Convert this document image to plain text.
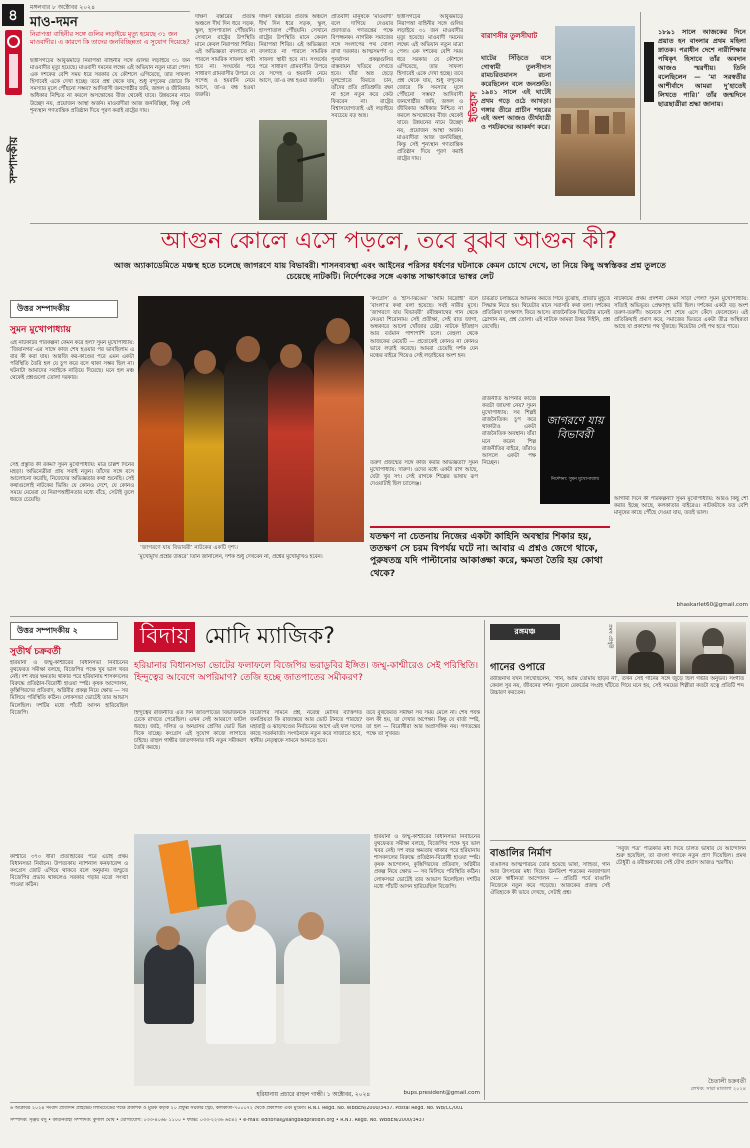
৪
সম্পাদকীয়
মঙ্গলবার ৮ অক্টোবর ২০২৪
মাও-দমন
নিরাপত্তা বাহিনীর সঙ্গে গুলির লড়াইয়ে মৃত্যু হয়েছে ৩১ জন মাওবাদীর। এ কারণে কি তাদের জনবিচ্ছিন্নতা এ সুযোগ দিয়েছে?
ছত্তীসগঢ়ের আবুঝমাড়ে নিরাপত্তা বাহিনীর সঙ্গে গুলির লড়াইয়ে ৩১ জন মাওবাদীর মৃত্যু হয়েছে। মাওবাদী দমনের লক্ষ্যে এই অভিযান নতুন মাত্রা পেল। এক দশকের বেশি সময় ধরে সরকার যে কৌশলে এগিয়েছে, তার সাফল্য হিসাবেই একে দেখা হচ্ছে। তবে প্রশ্ন থেকে যায়, শুধু বন্দুকের জোরে কি সমস্যার মূলে পৌঁছনো সম্ভব? আদিবাসী জনগোষ্ঠীর জমি, জঙ্গল ও জীবিকার অধিকার নিশ্চিত না করলে অসন্তোষের বীজ থেকেই যাবে। উন্নয়নের নামে উচ্ছেদ নয়, প্রয়োজন আস্থা অর্জন। মাওবাদীরা আজ জনবিচ্ছিন্ন, কিন্তু সেই শূন্যস্থান গণতান্ত্রিক প্রতিষ্ঠান দিয়ে পূরণ করাই রাষ্ট্রের দায়।
দক্ষিণ বস্তারের প্রত্যন্ত অঞ্চলে দীর্ঘ দিন ধরে সড়ক, স্কুল, হাসপাতাল পৌঁছয়নি। সেখানে রাষ্ট্রের উপস্থিতি মানে কেবল নিরাপত্তা শিবির। এই অভিজ্ঞতা বদলাতে না পারলে সামরিক সাফল্য স্থায়ী হবে না। সংঘর্ষের পরে সাধারণ গ্রামবাসীর উপরে যে সন্দেহ ও হয়রানি নেমে আসে, তা-ও বন্ধ হওয়া জরুরি।
দক্ষিণ বস্তারের প্রত্যন্ত অঞ্চলে দীর্ঘ দিন ধরে সড়ক, স্কুল, হাসপাতাল পৌঁছয়নি। সেখানে রাষ্ট্রের উপস্থিতি মানে কেবল নিরাপত্তা শিবির। এই অভিজ্ঞতা বদলাতে না পারলে সামরিক সাফল্য স্থায়ী হবে না। সংঘর্ষের পরে সাধারণ গ্রামবাসীর উপরে যে সন্দেহ ও হয়রানি নেমে আসে, তা-ও বন্ধ হওয়া জরুরি।
প্রতিবাদী মানুষকে 'মাওবাদী' বলে দাগিয়ে দেওয়ার প্রবণতাও গণতন্ত্রের পক্ষে বিপজ্জনক। নাগরিক সমাজের সঙ্গে সংলাপের পথ খোলা রাখা দরকার। আত্মসমর্পণ ও পুনর্বাসন প্রকল্পগুলির বাস্তবায়ন খতিয়ে দেখতে হবে। যাঁরা অস্ত্র ছেড়ে মূলস্রোতে ফিরতে চান, তাঁদের প্রতি প্রতিশ্রুতি রক্ষা না হলে নতুন করে কেউ ফিরবেন না। রাষ্ট্রের বিশ্বাসযোগ্যতাই এই লড়াইয়ে সবচেয়ে বড় অস্ত্র।
ছত্তীসগঢ়ের আবুঝমাড়ে নিরাপত্তা বাহিনীর সঙ্গে গুলির লড়াইয়ে ৩১ জন মাওবাদীর মৃত্যু হয়েছে। মাওবাদী দমনের লক্ষ্যে এই অভিযান নতুন মাত্রা পেল। এক দশকের বেশি সময় ধরে সরকার যে কৌশলে এগিয়েছে, তার সাফল্য হিসাবেই একে দেখা হচ্ছে। তবে প্রশ্ন থেকে যায়, শুধু বন্দুকের জোরে কি সমস্যার মূলে পৌঁছনো সম্ভব? আদিবাসী জনগোষ্ঠীর জমি, জঙ্গল ও জীবিকার অধিকার নিশ্চিত না করলে অসন্তোষের বীজ থেকেই যাবে। উন্নয়নের নামে উচ্ছেদ নয়, প্রয়োজন আস্থা অর্জন। মাওবাদীরা আজ জনবিচ্ছিন্ন, কিন্তু সেই শূন্যস্থান গণতান্ত্রিক প্রতিষ্ঠান দিয়ে পূরণ করাই রাষ্ট্রের দায়।
ইতিহাস
বারাণসীর তুলসীঘাট
ঘাটের সিঁড়িতে বসে গোস্বামী তুলসীদাস রামচরিতমানস রচনা করেছিলেন বলে জনশ্রুতি। ১৯৪১ সালে এই ঘাটেই প্রথম গড়ে ওঠে আখড়া। গঙ্গার তীরে প্রাচীন শহরের এই অংশ আজও তীর্থযাত্রী ও পর্যটকদের আকর্ষণ করে।
১৮৯১ সালে আজকের দিনে প্রয়াত হন বাংলার প্রথম মহিলা স্নাতক। পরাধীন দেশে নারীশিক্ষার পথিকৃৎ হিসাবে তাঁর অবদান আজও স্মরণীয়। তিনি বলেছিলেন — ‘মা সরস্বতীর আশীর্বাদে আমরা দু’হাতেই লিখতে পারি।’ তাঁর জন্মদিনে ছাত্রছাত্রীরা শ্রদ্ধা জানায়।
আগুন কোলে এসে পড়লে, তবে বুঝব আগুন কী?
আজ অ্যাকাডেমিতে মঞ্চস্থ হতে চলেছে জাগরণে যায় বিভাবরী। শাসনব্যবস্থা এবং আইনের পরিসর ধর্ষণের ঘটনাকে কেমন চোখে দেখে, তা নিয়ে কিছু অস্বস্তিকর প্রশ্ন তুলতে চেয়েছে নাটকটি। নির্দেশকের সঙ্গে একান্ত সাক্ষাৎকারে ভাস্বর লেট
উত্তর সম্পাদকীয়
সুমন মুখোপাধ্যায়
এই নাটকটির পরিকল্পনা কেমন করে হল? সুমন মুখোপাধ্যায়: ‘জিয়ানগর’-এর সাঙ্গে কাজ শেষ হওয়ার পর ভাবছিলাম এ বার কী করা যায়। আরজি কর-কাণ্ডের পরে এমন একটা পরিস্থিতি তৈরি হল যে চুপ করে বসে থাকা সম্ভব ছিল না। ঘটনাটা আমাদের সবাইকে নাড়িয়ে দিয়েছে। মনে হল মঞ্চ থেকেই প্রশ্নগুলো তোলা দরকার।
সেই প্রস্তুতি কী রকম? সুমন মুখোপাধ্যায়: মাত্র চল্লিশ দিনের মহড়া। অভিনেত্রীরা প্রায় সবাই নতুন। তাঁদের সঙ্গে বসে আলোচনা করেছি, নিজেদের অভিজ্ঞতার কথা শুনেছি। সেই কথাগুলোই নাটকের ভিত্তি। যে কোনও দেশে, যে কোনও সময়ে মেয়েরা যে নিরাপত্তাহীনতার মধ্যে বাঁচে, সেটাই তুলে ধরতে চেয়েছি।
‘জাগরণে যায় বিভাবরী’ নাটকের একটি দৃশ্য।
‘মুখোমুখি প্রশ্নের উত্তরে’ তিনি জানালেন, দর্শক শুধু দেখবেন না, প্রশ্নের মুখোমুখিও হবেন।
‘কংগ্রেস’ ও ‘হাঁস-ঝিঙের’ ‘আমি বিদ্রোহী’ বলে ‘বাংলা’র কথা বলা হয়েছে। সবই নারীর মুখে। ‘জাগরণে যায় বিভাবরী’ রবীন্দ্রনাথের গান থেকে নেওয়া শিরোনাম। সেই প্রতীক্ষা, সেই রাত জাগা, অন্ধকারে আলো খোঁজার চেষ্টা। নাটকে ইতিহাস আর বর্তমান পাশাপাশি চলে। বেহুলা থেকে আজকের মেয়েটি — প্রত্যেকেই কোনও না কোনও ভাবে লড়াই করেছে। আমরা চেয়েছি দর্শক যেন মঞ্চের বাইরে গিয়েও সেই লড়াইয়ের অংশ হন।
তরুণ প্রজন্মের সঙ্গে কাজ করার অভিজ্ঞতা? সুমন মুখোপাধ্যায়: দারুণ। ওদের মধ্যে একটা রাগ আছে, যেটা খুব সৎ। সেই রাগকে শিল্পের ভাষায় রূপ দেওয়াটাই ছিল চ্যালেঞ্জ।
চরিত্রটি চলচ্চিত্রে অভিনয় করতে গিয়ে বুঝেছি, প্রতিটি মুহূর্তে সিদ্ধান্ত নিতে হয়। থিয়েটার মানে সরাসরি কথা বলা। দর্শকের প্রতিক্রিয়া তৎক্ষণাৎ ফিরে আসে। রাজনৈতিক থিয়েটার মানেই স্লোগান নয়, প্রশ্ন তোলা। এই নাটকে আমরা উত্তর দিইনি, প্রশ্ন রেখেছি।
জাগরণে যায় বিভাবরী
নির্দেশনা: সুমন মুখোপাধ্যায়
রাজনীতি আপনার কাজে কতটা জায়গা নেয়? সুমন মুখোপাধ্যায়: সব শিল্পই রাজনৈতিক। চুপ করে থাকাটাও একটা রাজনৈতিক অবস্থান। যাঁরা মনে করেন শিল্প রাজনীতির বাইরে, তাঁরাও আসলে একটা পক্ষ নিচ্ছেন।
যতক্ষণ না চেতনায় নিজের একটা কাহিনি অবস্থার শিকার হয়, ততক্ষণ সে চরম বিপর্যয় ঘটে না। আবার এ প্রশ্নও জেগে থাকে, পুরুষতন্ত্র যদি পাল্টানোর আকাঙ্ক্ষা করে, ক্ষমতা তৈরি হয় কোথা থেকে?
নাটকটির প্রথম প্রদর্শনী কেমন সাড়া পেল? সুমন মুখোপাধ্যায়: সত্যিই অভিভূত। প্রেক্ষাগৃহ ভর্তি ছিল। দর্শকের একটা বড় অংশ তরুণ-তরুণী। অনেকে শো শেষে এসে কেঁদে ফেলেছেন। এই প্রতিক্রিয়াই প্রমাণ করে, সমাজের ভিতরে একটা তীব্র অস্থিরতা আছে যা প্রকাশের পথ খুঁজছে। থিয়েটার সেই পথ হতে পারে।
আগামী দিনে কী পরিকল্পনা? সুমন মুখোপাধ্যায়: আরও কিছু শো করার ইচ্ছে আছে, কলকাতার বাইরেও। নাটকটাকে যত বেশি মানুষের কাছে পৌঁছে দেওয়া যায়, ততই ভাল।
bhaskarlet60@gmail.com
উত্তর সম্পাদকীয় ২
সুতীর্থ চক্রবর্তী
হরিয়ানা ও জম্মু-কাশ্মীরের বিধানসভা নির্বাচনের বুথফেরত সমীক্ষা বলছে, বিজেপির পক্ষে খুব ভাল খবর নেই। দশ বছর ক্ষমতায় থাকার পরে হরিয়ানায় শাসকদলের বিরুদ্ধে প্রতিষ্ঠান-বিরোধী হাওয়া স্পষ্ট। কৃষক আন্দোলন, কুস্তিগিরদের প্রতিবাদ, অগ্নিবীর প্রকল্প নিয়ে ক্ষোভ — সব মিলিয়ে পরিস্থিতি কঠিন। লোকসভা ভোটেই তার আভাস মিলেছিল। দশটির মধ্যে পাঁচটি আসন হারিয়েছিল বিজেপি।
কাশ্মীরে ৩৭০ ধারা প্রত্যাহারের পরে এটাই প্রথম বিধানসভা নির্বাচন। উপত্যকায় ন্যাশনাল কনফারেন্স ও কংগ্রেস জোট এগিয়ে থাকবে বলে অনুমান। জম্মুতে বিজেপির প্রভাব থাকলেও সরকার গড়ার মতো সংখ্যা পাওয়া কঠিন।
বিদায় মোদি ম্যাজিক?
হরিয়ানার বিধানসভা ভোটের ফলাফলে বিজেপির ভরাডুবির ইঙ্গিত। জম্মু-কাশ্মীরেও সেই পরিস্থিতি। হিন্দুত্বের আবেগে অপরিমাণ? তেজি হচ্ছে জাতপাতের সমীকরণ?
হিন্দুত্বের রাজনীতি এত দিন জাতপাতের বিভাজনকে ঢেকে রাখতে পেরেছিল। এখন সেই আবরণে ফাটল ধরছে। জাঠ, দলিত ও অনগ্রসর শ্রেণির ভোট ভিন্ন দিকে যাচ্ছে। কংগ্রেস এই সুযোগ কাজে লাগাতে চাইছে। রাহুল গান্ধীর জাতগণনার দাবি নতুন সমীকরণ তৈরি করছে।
বিজেপির সামনে প্রশ্ন, নরেন্দ্র মোদির ব্যক্তিগত জনপ্রিয়তা কি রাজ্যস্তরে আর ভোট টানতে পারছে? মহারাষ্ট্র ও ঝাড়খণ্ডের নির্বাচনের আগে এই ফল দলের কাছে সতর্কবার্তা। সংগঠনকে নতুন করে সাজাতে হবে, স্থানীয় নেতৃত্বকে সামনে আনতে হবে।
তবে বুথফেরত সমীক্ষা সব সময় মেলে না। শেষ পর্যন্ত ফল কী হয়, তা দেখার অপেক্ষা। কিন্তু যে বার্তা স্পষ্ট, তা হল — বিরোধীরা আর অপ্রাসঙ্গিক নয়। গণতন্ত্রের পক্ষে তা সুখবর।
হরিয়ানায় প্রচারে রাহুল গান্ধী। ১ অক্টোবর, ২০২৪
হরিয়ানা ও জম্মু-কাশ্মীরের বিধানসভা নির্বাচনের বুথফেরত সমীক্ষা বলছে, বিজেপির পক্ষে খুব ভাল খবর নেই। দশ বছর ক্ষমতায় থাকার পরে হরিয়ানায় শাসকদলের বিরুদ্ধে প্রতিষ্ঠান-বিরোধী হাওয়া স্পষ্ট। কৃষক আন্দোলন, কুস্তিগিরদের প্রতিবাদ, অগ্নিবীর প্রকল্প নিয়ে ক্ষোভ — সব মিলিয়ে পরিস্থিতি কঠিন। লোকসভা ভোটেই তার আভাস মিলেছিল। দশটির মধ্যে পাঁচটি আসন হারিয়েছিল বিজেপি।
bups.president@gmail.com
রঙ্গমঞ্চ
গানের ওপারে
রবীন্দ্রনাথ যখন লিখেছিলেন, ‘গান, আমি তোমায় ছাড়ব না’, তখন সেই গানের সঙ্গে জুড়ে ছিল গভীর অনুভব। সংগীত কেবল সুর নয়, জীবনের দর্শন। পুরনো রেকর্ডের সংগ্রহ ঘাঁটতে গিয়ে মনে হয়, সেই সময়ের শিল্পীরা কতটা যত্নে প্রতিটি শব্দ উচ্চারণ করতেন।
প্রমথ চৌধুরী
বাঙালির নির্মাণ
বাঙালির আত্মপরিচয় তৈরি হয়েছে ভাষা, সাহিত্য, গান আর উৎসবের মধ্য দিয়ে। ঊনবিংশ শতকের নবজাগরণ থেকে স্বাধীনতা আন্দোলন — প্রতিটি পর্বে বাঙালি নিজেকে নতুন করে গড়েছে। আজকের প্রজন্ম সেই ঐতিহ্যকে কী ভাবে দেখছে, সেটাই প্রশ্ন।
‘সবুজ পত্র’ পত্রিকার মধ্য দিয়ে চলিত ভাষার যে আন্দোলন শুরু হয়েছিল, তা বাংলা গদ্যকে নতুন প্রাণ দিয়েছিল। প্রমথ চৌধুরী ও রবীন্দ্রনাথের সেই যৌথ প্রয়াস আজও স্মরণীয়।
চৈতালী চক্রবর্তী
লেখক: সারা মাতালা ২০২৪
৬ অক্টোবর ২০২৪ সংবাদ প্রতিদিন প্রাইভেট লিমিটেডের পক্ষে প্রকাশক ও মুদ্রক কর্তৃক ২০ প্রফুল্ল সরকার স্ট্রিট, কলকাতা-৭০০০৭২ থেকে প্রকাশিত এবং মুদ্রিত। R.N.I. Regd. No. WBBEN/2000/3437. Postal Regd. No. WB/CC/001
সম্পাদক: সৃঞ্জয় বসু • কার্যনির্বাহী সম্পাদক: কুণাল ঘোষ • যোগাযোগ: ০৩৩-৪০৬৮ ১১০০ • ফ্যাক্স: ০৩৩-২২৩৬ ৬৫৪২ • e-mail: editorial@sangbadpratidin.org • R.N.I. Regd. No. WBBEN/2000/3437
